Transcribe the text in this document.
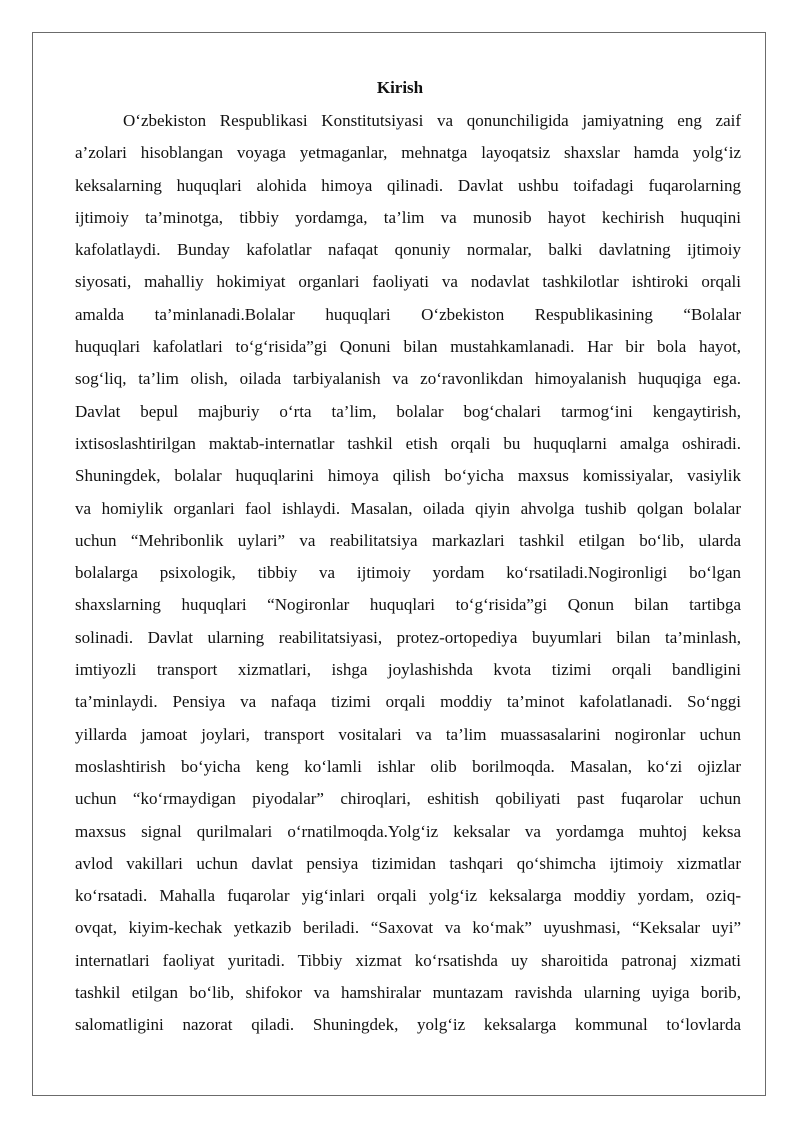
Kirish
O‘zbekiston Respublikasi Konstitutsiyasi va qonunchiligida jamiyatning eng zaif
a’zolari hisoblangan voyaga yetmaganlar, mehnatga layoqatsiz shaxslar hamda yolg‘iz
keksalarning huquqlari alohida himoya qilinadi. Davlat ushbu toifadagi fuqarolarning
ijtimoiy ta’minotga, tibbiy yordamga, ta’lim va munosib hayot kechirish huquqini
kafolatlaydi. Bunday kafolatlar nafaqat qonuniy normalar, balki davlatning ijtimoiy
siyosati, mahalliy hokimiyat organlari faoliyati va nodavlat tashkilotlar ishtiroki orqali
amalda ta’minlanadi.Bolalar huquqlari O‘zbekiston Respublikasining “Bolalar
huquqlari kafolatlari to‘g‘risida”gi Qonuni bilan mustahkamlanadi. Har bir bola hayot,
sog‘liq, ta’lim olish, oilada tarbiyalanish va zo‘ravonlikdan himoyalanish huquqiga ega.
Davlat bepul majburiy o‘rta ta’lim, bolalar bog‘chalari tarmog‘ini kengaytirish,
ixtisoslashtirilgan maktab-internatlar tashkil etish orqali bu huquqlarni amalga oshiradi.
Shuningdek, bolalar huquqlarini himoya qilish bo‘yicha maxsus komissiyalar, vasiylik
va homiylik organlari faol ishlaydi. Masalan, oilada qiyin ahvolga tushib qolgan bolalar
uchun “Mehribonlik uylari” va reabilitatsiya markazlari tashkil etilgan bo‘lib, ularda
bolalarga psixologik, tibbiy va ijtimoiy yordam ko‘rsatiladi.Nogironligi bo‘lgan
shaxslarning huquqlari “Nogironlar huquqlari to‘g‘risida”gi Qonun bilan tartibga
solinadi. Davlat ularning reabilitatsiyasi, protez-ortopediya buyumlari bilan ta’minlash,
imtiyozli transport xizmatlari, ishga joylashishda kvota tizimi orqali bandligini
ta’minlaydi. Pensiya va nafaqa tizimi orqali moddiy ta’minot kafolatlanadi. So‘nggi
yillarda jamoat joylari, transport vositalari va ta’lim muassasalarini nogironlar uchun
moslashtirish bo‘yicha keng ko‘lamli ishlar olib borilmoqda. Masalan, ko‘zi ojizlar
uchun “ko‘rmaydigan piyodalar” chiroqlari, eshitish qobiliyati past fuqarolar uchun
maxsus signal qurilmalari o‘rnatilmoqda.Yolg‘iz keksalar va yordamga muhtoj keksa
avlod vakillari uchun davlat pensiya tizimidan tashqari qo‘shimcha ijtimoiy xizmatlar
ko‘rsatadi. Mahalla fuqarolar yig‘inlari orqali yolg‘iz keksalarga moddiy yordam, oziq-
ovqat, kiyim-kechak yetkazib beriladi. “Saxovat va ko‘mak” uyushmasi, “Keksalar uyi”
internatlari faoliyat yuritadi. Tibbiy xizmat ko‘rsatishda uy sharoitida patronaj xizmati
tashkil etilgan bo‘lib, shifokor va hamshiralar muntazam ravishda ularning uyiga borib,
salomatligini nazorat qiladi. Shuningdek, yolg‘iz keksalarga kommunal to‘lovlarda
